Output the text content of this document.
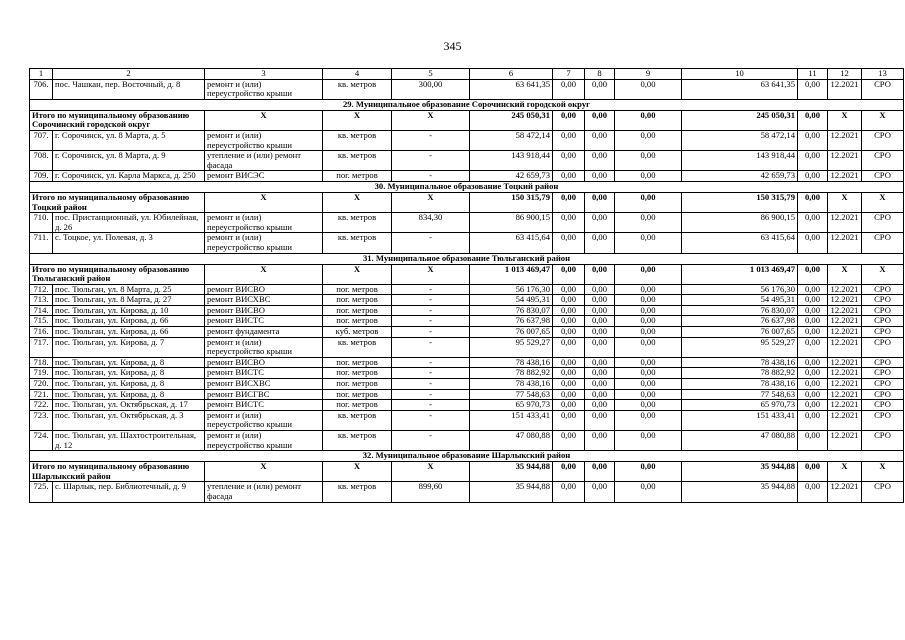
345
1	2	3	4	5	6	7	8	9	10	11	12	13
706.	пос. Чашкан, пер. Восточный, д. 8	ремонт и (или) переустройство крыши	кв. метров	300,00	63 641,35	0,00	0,00	0,00	63 641,35	0,00	12.2021	СРО
29. Муниципальное образование Сорочинский городской округ												
Итого по муниципальному образованию Сорочинский городской округ		X	X	X	245 050,31	0,00	0,00	0,00	245 050,31	0,00	X	X
707.	г. Сорочинск, ул. 8 Марта, д. 5	ремонт и (или) переустройство крыши	кв. метров	-	58 472,14	0,00	0,00	0,00	58 472,14	0,00	12.2021	СРО
708.	г. Сорочинск, ул. 8 Марта, д. 9	утепление и (или) ремонт фасада	кв. метров	-	143 918,44	0,00	0,00	0,00	143 918,44	0,00	12.2021	СРО
709.	г. Сорочинск, ул. Карла Маркса, д. 250	ремонт ВИСЭС	пог. метров	-	42 659,73	0,00	0,00	0,00	42 659,73	0,00	12.2021	СРО
30. Муниципальное образование Тоцкий район												
Итого по муниципальному образованию Тоцкий район		X	X	X	150 315,79	0,00	0,00	0,00	150 315,79	0,00	X	X
710.	пос. Пристанционный, ул. Юбилейная, д. 26	ремонт и (или) переустройство крыши	кв. метров	834,30	86 900,15	0,00	0,00	0,00	86 900,15	0,00	12.2021	СРО
711.	с. Тоцкое, ул. Полевая, д. 3	ремонт и (или) переустройство крыши	кв. метров	-	63 415,64	0,00	0,00	0,00	63 415,64	0,00	12.2021	СРО
31. Муниципальное образование Тюльганский район												
Итого по муниципальному образованию Тюльганский район		X	X	X	1 013 469,47	0,00	0,00	0,00	1 013 469,47	0,00	X	X
712.	пос. Тюльган, ул. 8 Марта, д. 25	ремонт ВИСВО	пог. метров	-	56 176,30	0,00	0,00	0,00	56 176,30	0,00	12.2021	СРО
713.	пос. Тюльган, ул. 8 Марта, д. 27	ремонт ВИСХВС	пог. метров	-	54 495,31	0,00	0,00	0,00	54 495,31	0,00	12.2021	СРО
714.	пос. Тюльган, ул. Кирова, д. 10	ремонт ВИСВО	пог. метров	-	76 830,07	0,00	0,00	0,00	76 830,07	0,00	12.2021	СРО
715.	пос. Тюльган, ул. Кирова, д. 66	ремонт ВИСТС	пог. метров	-	76 637,98	0,00	0,00	0,00	76 637,98	0,00	12.2021	СРО
716.	пос. Тюльган, ул. Кирова, д. 66	ремонт фундамента	куб. метров	-	76 007,65	0,00	0,00	0,00	76 007,65	0,00	12.2021	СРО
717.	пос. Тюльган, ул. Кирова, д. 7	ремонт и (или) переустройство крыши	кв. метров	-	95 529,27	0,00	0,00	0,00	95 529,27	0,00	12.2021	СРО
718.	пос. Тюльган, ул. Кирова, д. 8	ремонт ВИСВО	пог. метров	-	78 438,16	0,00	0,00	0,00	78 438,16	0,00	12.2021	СРО
719.	пос. Тюльган, ул. Кирова, д. 8	ремонт ВИСТС	пог. метров	-	78 882,92	0,00	0,00	0,00	78 882,92	0,00	12.2021	СРО
720.	пос. Тюльган, ул. Кирова, д. 8	ремонт ВИСХВС	пог. метров	-	78 438,16	0,00	0,00	0,00	78 438,16	0,00	12.2021	СРО
721.	пос. Тюльган, ул. Кирова, д. 8	ремонт ВИСГВС	пог. метров	-	77 548,63	0,00	0,00	0,00	77 548,63	0,00	12.2021	СРО
722.	пос. Тюльган, ул. Октябрьская, д. 17	ремонт ВИСТС	пог. метров	-	65 970,73	0,00	0,00	0,00	65 970,73	0,00	12.2021	СРО
723.	пос. Тюльган, ул. Октябрьская, д. 3	ремонт и (или) переустройство крыши	кв. метров	-	151 433,41	0,00	0,00	0,00	151 433,41	0,00	12.2021	СРО
724.	пос. Тюльган, ул. Шахтостроительная, д. 12	ремонт и (или) переустройство крыши	кв. метров	-	47 080,88	0,00	0,00	0,00	47 080,88	0,00	12.2021	СРО
32. Муниципальное образование Шарлыкский район												
Итого по муниципальному образованию Шарлыкский район		X	X	X	35 944,88	0,00	0,00	0,00	35 944,88	0,00	X	X
725.	с. Шарлык, пер. Библиотечный, д. 9	утепление и (или) ремонт фасада	кв. метров	899,60	35 944,88	0,00	0,00	0,00	35 944,88	0,00	12.2021	СРО
